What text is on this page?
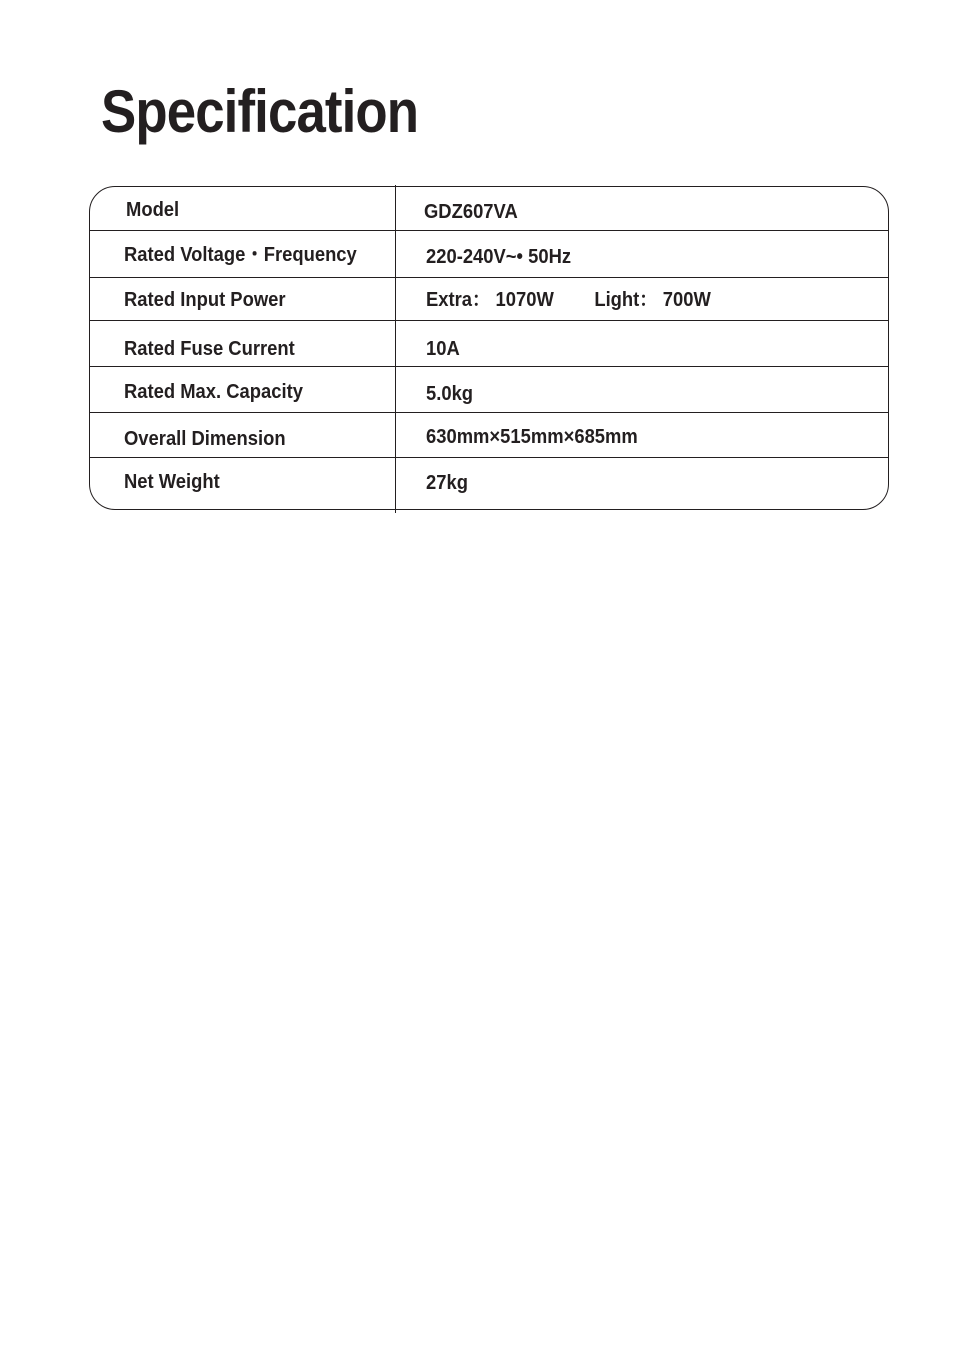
Specification
Model	GDZ607VA
Rated Voltage・Frequency	220-240V~• 50Hz
Rated Input Power	Extra： 1070W Light： 700W
Rated Fuse Current	10A
Rated Max. Capacity	5.0kg
Overall Dimension	630mm×515mm×685mm
Net Weight	27kg
